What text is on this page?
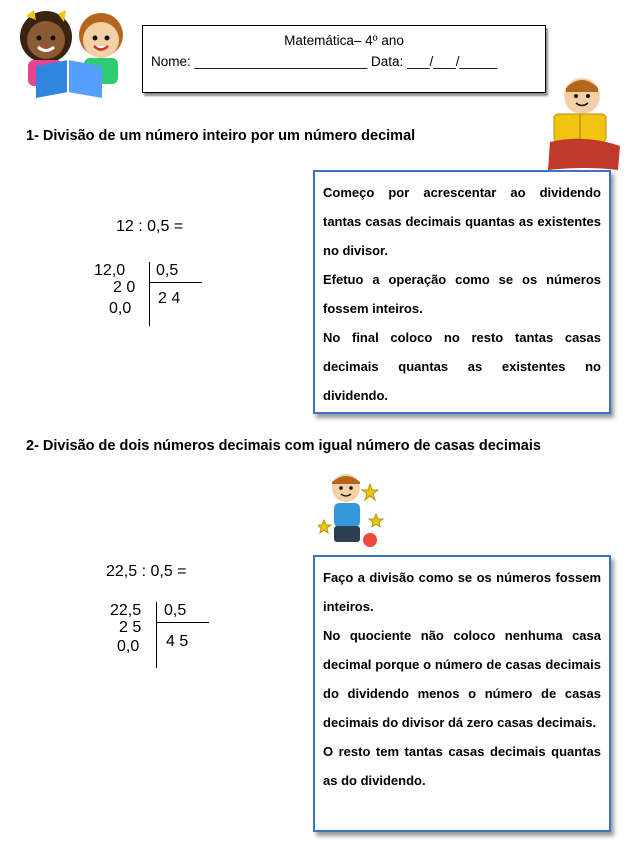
Matemática– 4º ano
Nome: _______________________ Data: ___/___/_____
1- Divisão de um número inteiro por um número decimal
12 : 0,5 =
12,0 0,5
2 0
2 4
0,0

Começo por acrescentar ao dividendo tantas casas decimais quantas as existentes no divisor.

Efetuo a operação como se os números fossem inteiros.

No final coloco no resto tantas casas decimais quantas as existentes no dividendo.

2- Divisão de dois números decimais com igual número de casas decimais
22,5 : 0,5 =
22,5 0,5
2 5
4 5
0,0

Faço a divisão como se os números fossem inteiros.

No quociente não coloco nenhuma casa decimal porque o número de casas decimais do dividendo menos o número de casas decimais do divisor dá zero casas decimais.

O resto tem tantas casas decimais quantas as do dividendo.
